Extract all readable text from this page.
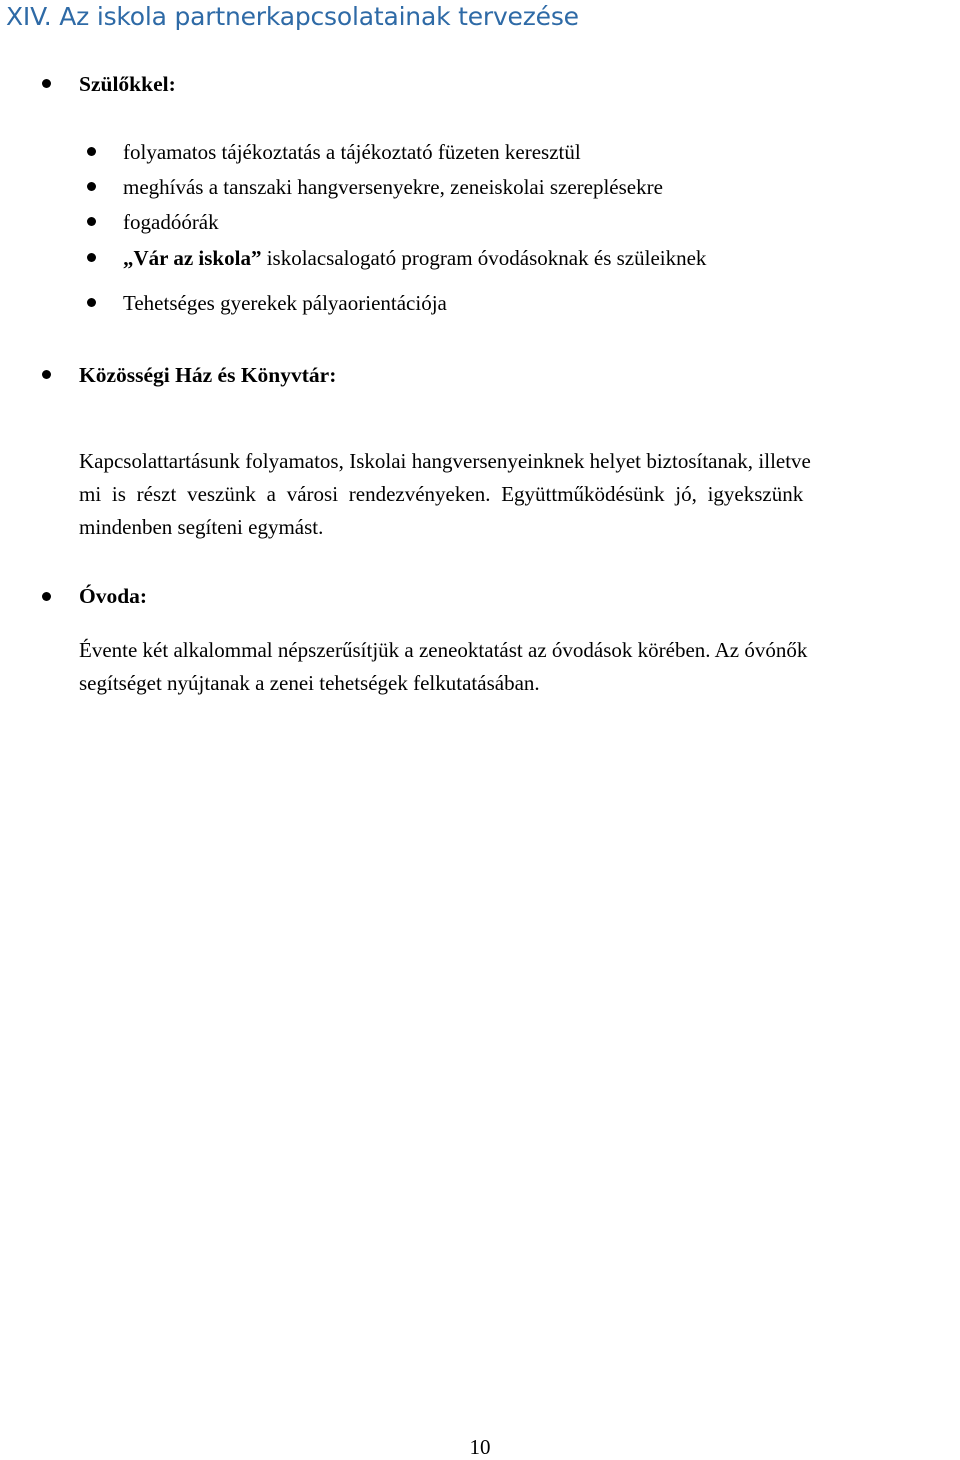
XIV. Az iskola partnerkapcsolatainak tervezése
Szülőkkel:
folyamatos tájékoztatás a tájékoztató füzeten keresztül
meghívás a tanszaki hangversenyekre, zeneiskolai szereplésekre
fogadóórák
„Vár az iskola” iskolacsalogató program óvodásoknak és szüleiknek
Tehetséges gyerekek pályaorientációja
Közösségi Ház és Könyvtár:
Kapcsolattartásunk folyamatos, Iskolai hangversenyeinknek helyet biztosítanak, illetve
mi is részt veszünk a városi rendezvényeken. Együttműködésünk jó, igyekszünk
mindenben segíteni egymást.
Óvoda:
Évente két alkalommal népszerűsítjük a zeneoktatást az óvodások körében. Az óvónők
segítséget nyújtanak a zenei tehetségek felkutatásában.
10
